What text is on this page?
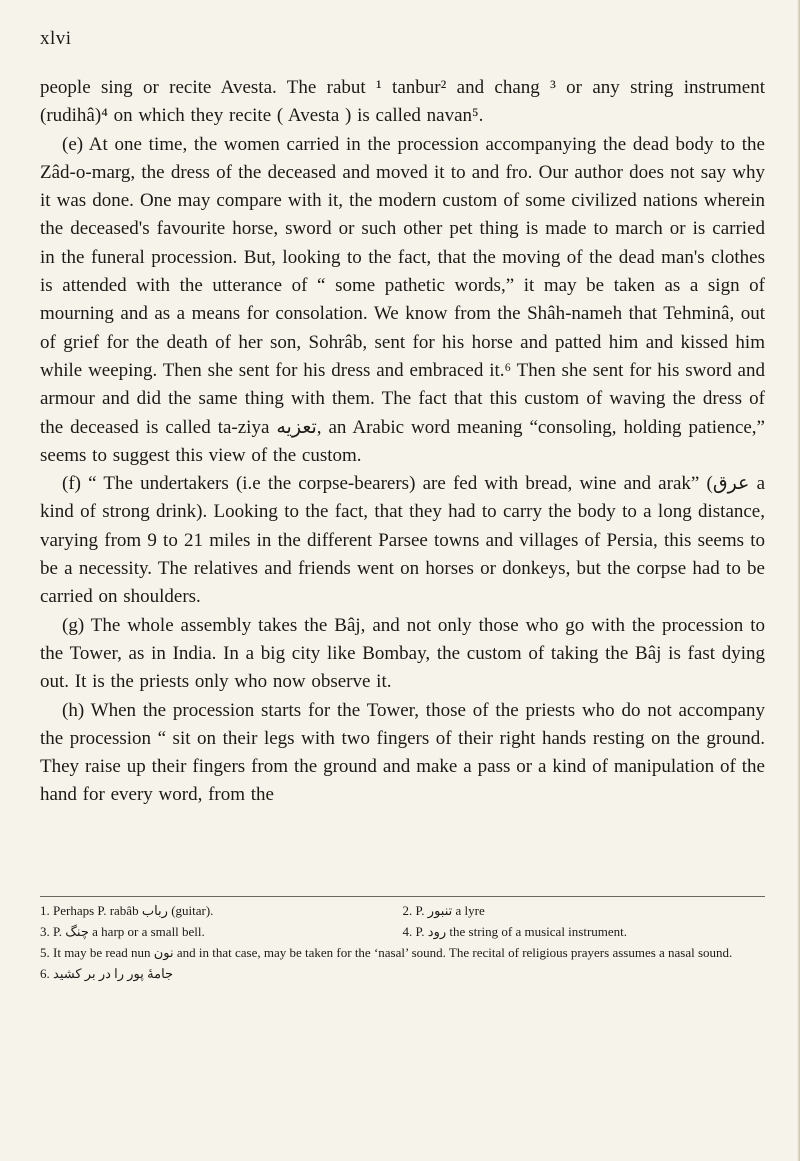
xlvi

people sing or recite Avesta. The rabut ¹ tanbur² and chang ³ or any string instrument (rudihâ)⁴ on which they recite ( Avesta ) is called navan⁵.

(e) At one time, the women carried in the procession accompanying the dead body to the Zâd-o-marg, the dress of the deceased and moved it to and fro. Our author does not say why it was done. One may compare with it, the modern custom of some civilized nations wherein the deceased's favourite horse, sword or such other pet thing is made to march or is carried in the funeral procession. But, looking to the fact, that the moving of the dead man's clothes is attended with the utterance of “ some pathetic words,” it may be taken as a sign of mourning and as a means for consolation. We know from the Shâh-nameh that Tehminâ, out of grief for the death of her son, Sohrâb, sent for his horse and patted him and kissed him while weeping. Then she sent for his dress and embraced it.⁶ Then she sent for his sword and armour and did the same thing with them. The fact that this custom of waving the dress of the deceased is called ta-ziya تعزیه, an Arabic word meaning “consoling, holding patience,” seems to suggest this view of the custom.

(f) “ The undertakers (i.e the corpse-bearers) are fed with bread, wine and arak” (عرق a kind of strong drink). Looking to the fact, that they had to carry the body to a long distance, varying from 9 to 21 miles in the different Parsee towns and villages of Persia, this seems to be a necessity. The relatives and friends went on horses or donkeys, but the corpse had to be carried on shoulders.

(g) The whole assembly takes the Bâj, and not only those who go with the procession to the Tower, as in India. In a big city like Bombay, the custom of taking the Bâj is fast dying out. It is the priests only who now observe it.

(h) When the procession starts for the Tower, those of the priests who do not accompany the procession “ sit on their legs with two fingers of their right hands resting on the ground. They raise up their fingers from the ground and make a pass or a kind of manipulation of the hand for every word, from the

1. Perhaps P. rabâb رباب (guitar).	2. P. تنبور a lyre
3. P. چنگ a harp or a small bell.	4. P. رود the string of a musical instrument.
5. It may be read nun نون and in that case, may be taken for the ‘nasal’ sound. The recital of religious prayers assumes a nasal sound.
6. جامهٔ پور را در بر کشید
